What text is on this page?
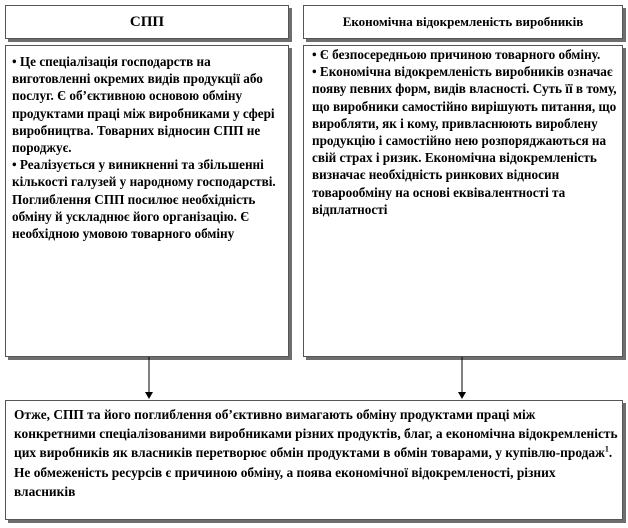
СПП	Економічна відокремленість виробників

• Це спеціалізація господарств на виготовленні окремих видів продукції або послуг. Є об’єктивною основою обміну продуктами праці між виробниками у сфері виробництва. Товарних відносин СПП не породжує.
• Реалізується у виникненні та збільшенні кількості галузей у народному господарстві. Поглиблення СПП посилює необхідність обміну й ускладнює його організацію. Є необхідною умовою товарного обміну

• Є безпосередньою причиною товарного обміну.
• Економічна відокремленість виробників означає появу певних форм, видів власності. Суть її в тому, що виробники самостійно вирішують питання, що виробляти, як і кому, привласнюють вироблену продукцію і самостійно нею розпоряджаються на свій страх і ризик. Економічна відокремленість визначає необхідність ринкових відносин товарообміну на основі еквівалентності та відплатності

Отже, СПП та його поглиблення об’єктивно вимагають обміну продуктами праці між конкретними спеціалізованими виробниками різних продуктів, благ, а економічна відокремленість цих виробників як власників перетворює обмін продуктами в обмін товарами, у купівлю-продаж$^1$. Не обмеженість ресурсів є причиною обміну, а поява економічної відокремленості, різних власників
